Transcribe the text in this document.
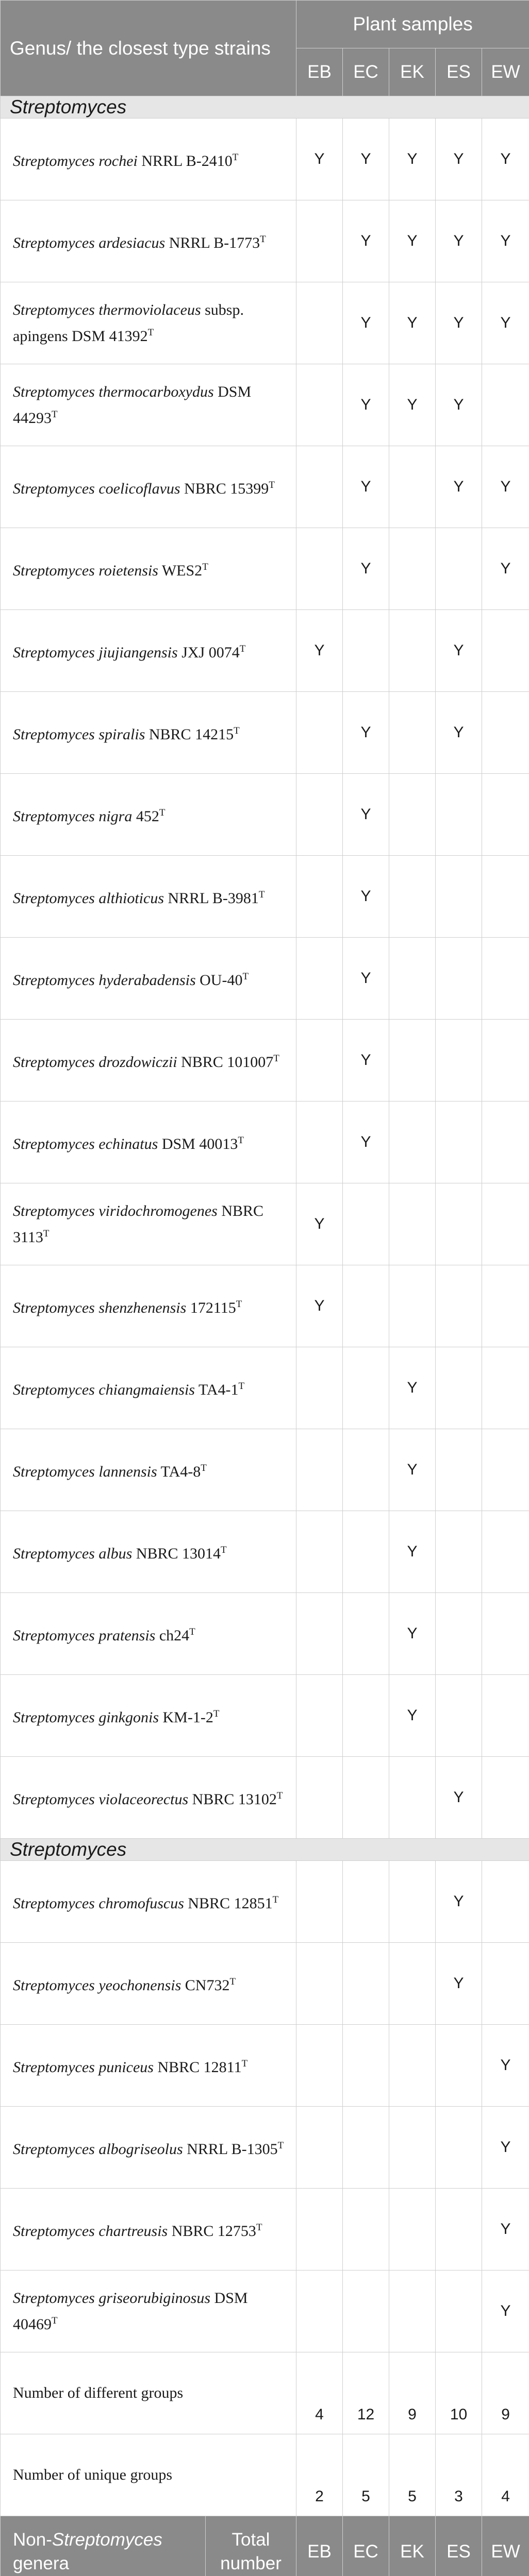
Genus/ the closest type strains		Plant samples				
		EB	EC	EK	ES	EW
Streptomyces						
Streptomyces rochei NRRL $B-2410^T$		Y	Y	Y	Y	Y
Streptomyces ardesiacus NRRL $B-1773^T$			Y	Y	Y	Y
Streptomyces thermoviolaceus subsp. apingens DSM $41392^T$			Y	Y	Y	Y
Streptomyces thermocarboxydus DSM $44293^T$			Y	Y	Y	
Streptomyces coelicoflavus NBRC $15399^T$			Y		Y	Y
Streptomyces roietensis $WES2^T$			Y			Y
Streptomyces jiujiangensis JXJ $0074^T$		Y			Y	
Streptomyces spiralis NBRC $14215^T$			Y		Y	
Streptomyces nigra $452^T$			Y			
Streptomyces althioticus NRRL $B-3981^T$			Y			
Streptomyces hyderabadensis $OU-40^T$			Y			
Streptomyces drozdowiczii NBRC $101007^T$			Y			
Streptomyces echinatus DSM $40013^T$			Y			
Streptomyces viridochromogenes NBRC $3113^T$		Y				
Streptomyces shenzhenensis $172115^T$		Y				
Streptomyces chiangmaiensis $TA4-1^T$				Y		
Streptomyces lannensis $TA4-8^T$				Y		
Streptomyces albus NBRC $13014^T$				Y		
Streptomyces pratensis $ch24^T$				Y		
Streptomyces ginkgonis $KM-1-2^T$				Y		
Streptomyces violaceorectus NBRC $13102^T$					Y	
Streptomyces						
Streptomyces chromofuscus NBRC $12851^T$					Y	
Streptomyces yeochonensis $CN732^T$					Y	
Streptomyces puniceus NBRC $12811^T$						Y
Streptomyces albogriseolus NRRL $B-1305^T$						Y
Streptomyces chartreusis NBRC $12753^T$						Y
Streptomyces griseorubiginosus DSM $40469^T$						Y
Number of different groups		4	12	9	10	9
Number of unique groups		2	5	5	3	4
Non-Streptomyces genera	Total number	EB	EC	EK	ES	EW
